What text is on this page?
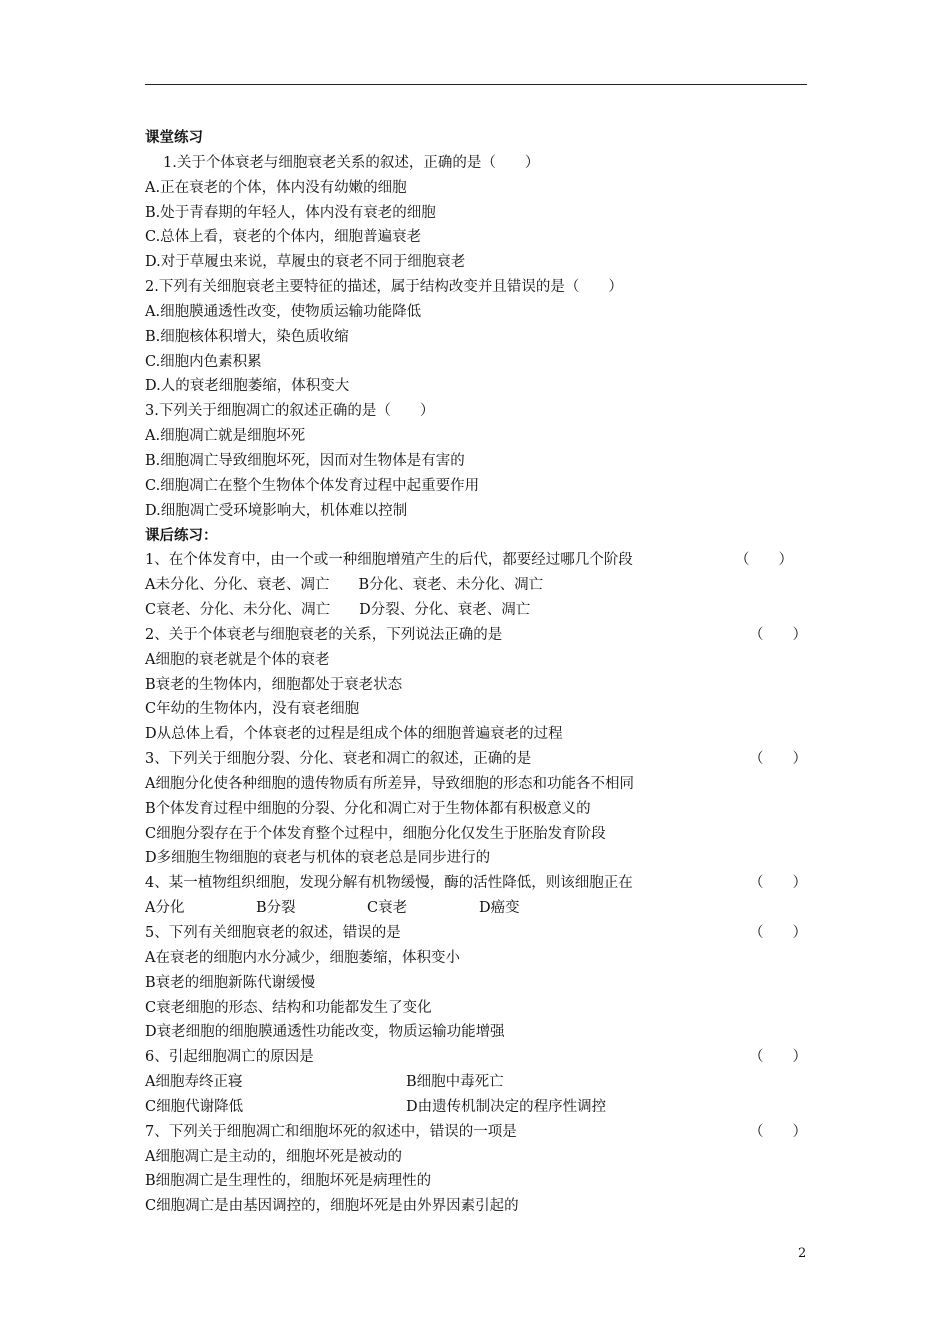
课堂练习
1.关于个体衰老与细胞衰老关系的叙述，正确的是（　　）
A.正在衰老的个体，体内没有幼嫩的细胞
B.处于青春期的年轻人，体内没有衰老的细胞
C.总体上看，衰老的个体内，细胞普遍衰老
D.对于草履虫来说，草履虫的衰老不同于细胞衰老
2.下列有关细胞衰老主要特征的描述，属于结构改变并且错误的是（　　）
A.细胞膜通透性改变，使物质运输功能降低
B.细胞核体积增大，染色质收缩
C.细胞内色素积累
D.人的衰老细胞萎缩，体积变大
3.下列关于细胞凋亡的叙述正确的是（　　）
A.细胞凋亡就是细胞坏死
B.细胞凋亡导致细胞坏死，因而对生物体是有害的
C.细胞凋亡在整个生物体个体发育过程中起重要作用
D.细胞凋亡受环境影响大，机体难以控制
课后练习：
1、在个体发育中，由一个或一种细胞增殖产生的后代，都要经过哪几个阶段	（　　）
A未分化、分化、衰老、凋亡　　B分化、衰老、未分化、凋亡
C衰老、分化、未分化、凋亡　　D分裂、分化、衰老、凋亡
2、关于个体衰老与细胞衰老的关系，下列说法正确的是	（　　）
A细胞的衰老就是个体的衰老
B衰老的生物体内，细胞都处于衰老状态
C年幼的生物体内，没有衰老细胞
D从总体上看，个体衰老的过程是组成个体的细胞普遍衰老的过程
3、下列关于细胞分裂、分化、衰老和凋亡的叙述，正确的是	（　　）
A细胞分化使各种细胞的遗传物质有所差异，导致细胞的形态和功能各不相同
B个体发育过程中细胞的分裂、分化和凋亡对于生物体都有积极意义的
C细胞分裂存在于个体发育整个过程中，细胞分化仅发生于胚胎发育阶段
D多细胞生物细胞的衰老与机体的衰老总是同步进行的
4、某一植物组织细胞，发现分解有机物缓慢，酶的活性降低，则该细胞正在	（　　）
A分化	B分裂	C衰老	D癌变
5、下列有关细胞衰老的叙述，错误的是	（　　）
A在衰老的细胞内水分减少，细胞萎缩，体积变小
B衰老的细胞新陈代谢缓慢
C衰老细胞的形态、结构和功能都发生了变化
D衰老细胞的细胞膜通透性功能改变，物质运输功能增强
6、引起细胞凋亡的原因是	（　　）
A细胞寿终正寝	B细胞中毒死亡
C细胞代谢降低	D由遗传机制决定的程序性调控
7、下列关于细胞凋亡和细胞坏死的叙述中，错误的一项是	（　　）
A细胞凋亡是主动的，细胞坏死是被动的
B细胞凋亡是生理性的，细胞坏死是病理性的
C细胞凋亡是由基因调控的，细胞坏死是由外界因素引起的
2
